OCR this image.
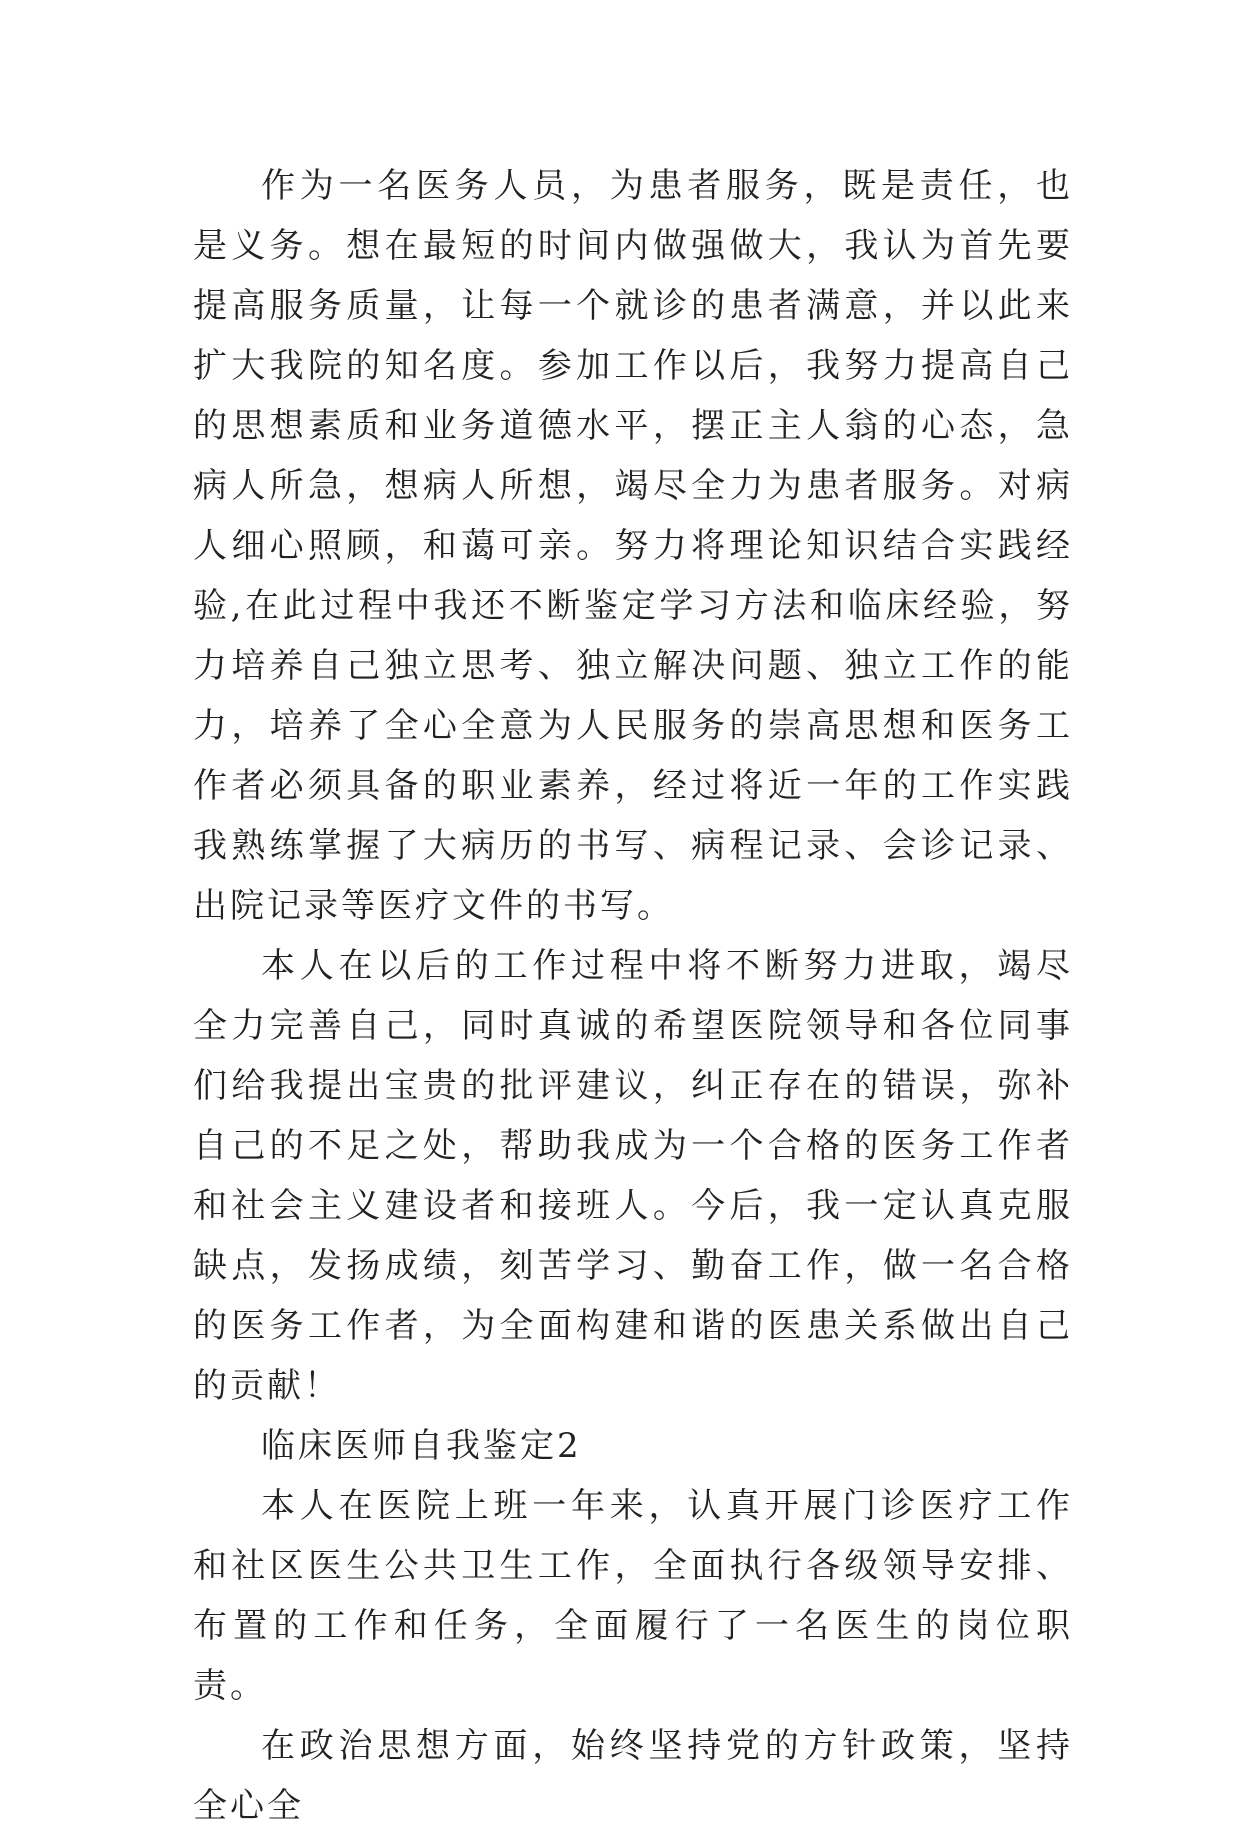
作为一名医务人员，为患者服务，既是责任，也是义务。想在最短的时间内做强做大，我认为首先要提高服务质量，让每一个就诊的患者满意，并以此来扩大我院的知名度。参加工作以后，我努力提高自己的思想素质和业务道德水平，摆正主人翁的心态，急病人所急，想病人所想，竭尽全力为患者服务。对病人细心照顾，和蔼可亲。努力将理论知识结合实践经验,在此过程中我还不断鉴定学习方法和临床经验，努力培养自己独立思考、独立解决问题、独立工作的能力，培养了全心全意为人民服务的崇高思想和医务工作者必须具备的职业素养，经过将近一年的工作实践我熟练掌握了大病历的书写、病程记录、会诊记录、出院记录等医疗文件的书写。

本人在以后的工作过程中将不断努力进取，竭尽全力完善自己，同时真诚的希望医院领导和各位同事们给我提出宝贵的批评建议，纠正存在的错误，弥补自己的不足之处，帮助我成为一个合格的医务工作者和社会主义建设者和接班人。今后，我一定认真克服缺点，发扬成绩，刻苦学习、勤奋工作，做一名合格的医务工作者，为全面构建和谐的医患关系做出自己的贡献！

临床医师自我鉴定2

本人在医院上班一年来，认真开展门诊医疗工作和社区医生公共卫生工作，全面执行各级领导安排、布置的工作和任务，全面履行了一名医生的岗位职责。

在政治思想方面，始终坚持党的方针政策，坚持全心全
